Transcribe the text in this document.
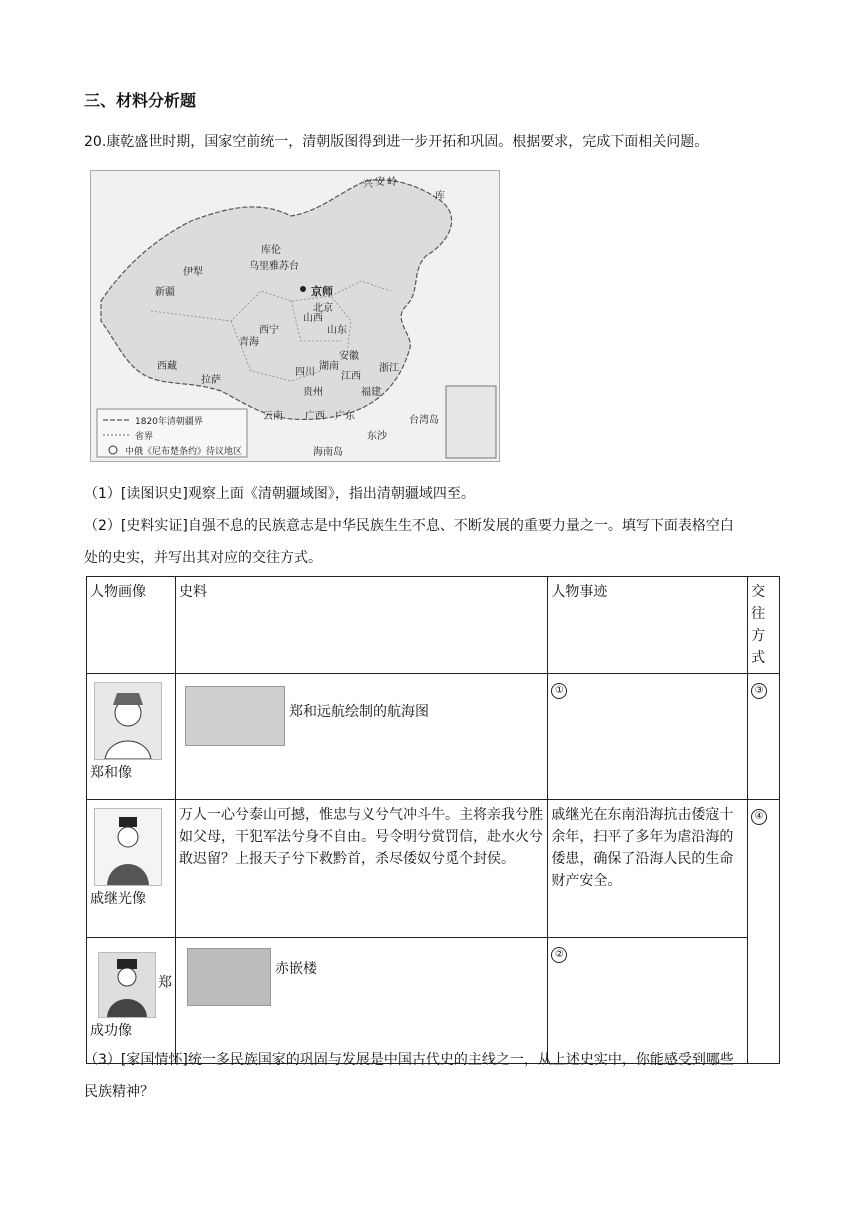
三、材料分析题
20.康乾盛世时期，国家空前统一，清朝版图得到进一步开拓和巩固。根据要求，完成下面相关问题。
兴 安 岭
库
库伦
伊犁
乌里雅苏台
新疆	京师
北京
西宁
青海
山西
山东
四川
安徽
湖南
江西
浙江
贵州	福建
西藏
拉萨
云南 广西 广东	台湾岛
东沙
海南岛
1820年清朝疆界
省界
中俄《尼布楚条约》待议地区
（1）[读图识史]观察上面《清朝疆域图》，指出清朝疆域四至。
（2）[史料实证]自强不息的民族意志是中华民族生生不息、不断发展的重要力量之一。填写下面表格空白
处的史实，并写出其对应的交往方式。
人物画像	史料	人物事迹	交往
方式

郑和像	郑和远航绘制的航海图	①	③

戚继光像	万人一心兮泰山可撼，惟忠与义兮气冲斗牛。主将亲我兮胜如父母，干犯军法兮身不自由。号令明兮赏罚信，赴水火兮敢迟留？上报天子兮下救黔首，杀尽倭奴兮觅个封侯。	戚继光在东南沿海抗击倭寇十余年，扫平了多年为虐沿海的倭患，确保了沿海人民的生命财产安全。	④

郑
成功像	赤嵌楼	②	
（3）[家国情怀]统一多民族国家的巩固与发展是中国古代史的主线之一，从上述史实中，你能感受到哪些
民族精神？
